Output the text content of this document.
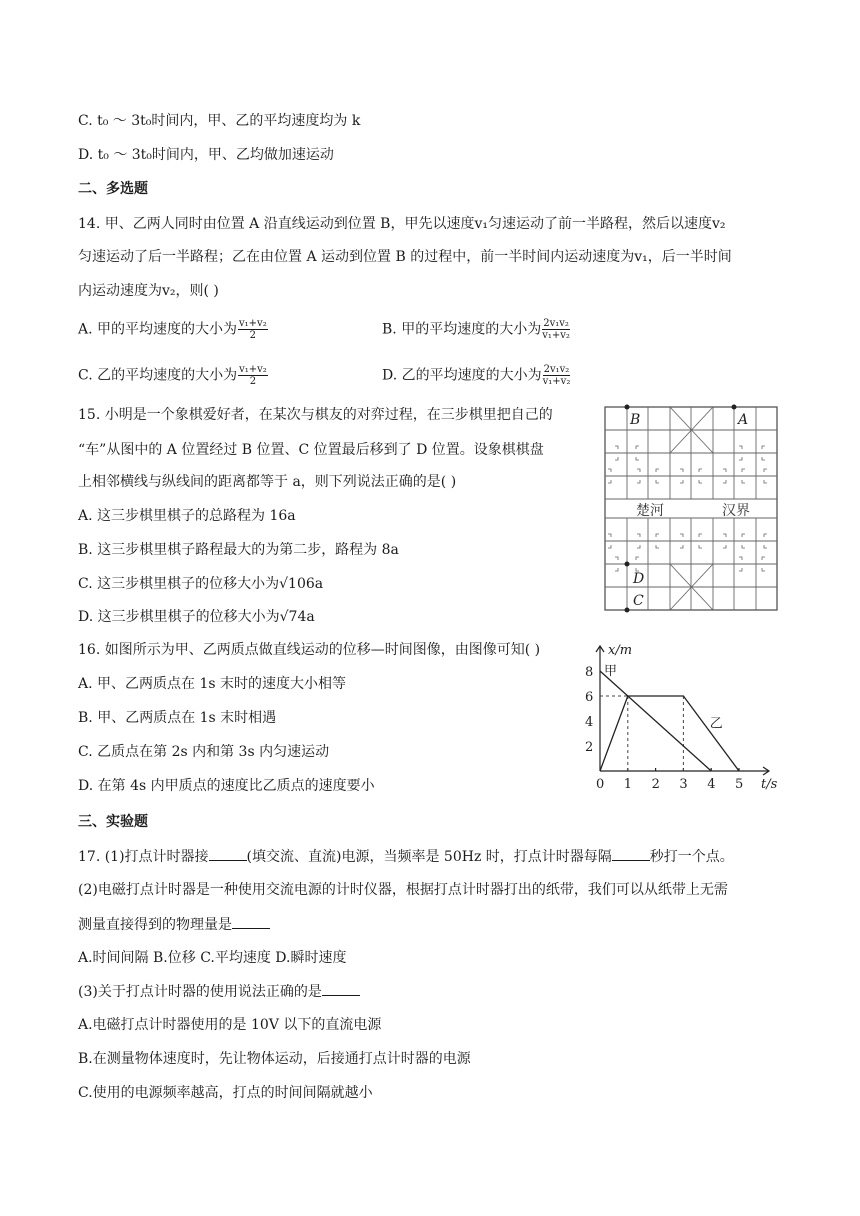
C. t₀ ～ 3t₀时间内，甲、乙的平均速度均为 k
D. t₀ ～ 3t₀时间内，甲、乙均做加速运动
二、多选题
14. 甲、乙两人同时由位置 A 沿直线运动到位置 B，甲先以速度v₁匀速运动了前一半路程，然后以速度v₂
匀速运动了后一半路程；乙在由位置 A 运动到位置 B 的过程中，前一半时间内运动速度为v₁，后一半时间
内运动速度为v₂，则( )
A. 甲的平均速度的大小为 $\frac{\text{v₁+v₂}}{2}$	B. 甲的平均速度的大小为 $\frac{\text{2v₁v₂}}{\text{v₁+v₂}}$
C. 乙的平均速度的大小为 $\frac{\text{v₁+v₂}}{2}$	D. 乙的平均速度的大小为 $\frac{\text{2v₁v₂}}{\text{v₁+v₂}}$
15. 小明是一个象棋爱好者，在某次与棋友的对弈过程，在三步棋里把自己的
“车”从图中的 A 位置经过 B 位置、C 位置最后移到了 D 位置。设象棋棋盘
上相邻横线与纵线间的距离都等于 a，则下列说法正确的是( )
A. 这三步棋里棋子的总路程为 16a
B. 这三步棋里棋子路程最大的为第二步，路程为 8a
C. 这三步棋里棋子的位移大小为√106a
D. 这三步棋里棋子的位移大小为√74a
B	A
D
C
楚河	汉界
16. 如图所示为甲、乙两质点做直线运动的位移—时间图像，由图像可知( )
A. 甲、乙两质点在 1s 末时的速度大小相等
B. 甲、乙两质点在 1s 末时相遇
C. 乙质点在第 2s 内和第 3s 内匀速运动
D. 在第 4s 内甲质点的速度比乙质点的速度要小	0 1 2 3 4 5
2
4
6
8
x/m
t/s
甲
乙
三、实验题
17. (1)打点计时器接	(填交流、直流)电源，当频率是 50Hz 时，打点计时器每隔	秒打一个点。
(2)电磁打点计时器是一种使用交流电源的计时仪器，根据打点计时器打出的纸带，我们可以从纸带上无需
测量直接得到的物理量是
A.时间间隔 B.位移 C.平均速度 D.瞬时速度
(3)关于打点计时器的使用说法正确的是
A.电磁打点计时器使用的是 10V 以下的直流电源
B.在测量物体速度时，先让物体运动，后接通打点计时器的电源
C.使用的电源频率越高，打点的时间间隔就越小
